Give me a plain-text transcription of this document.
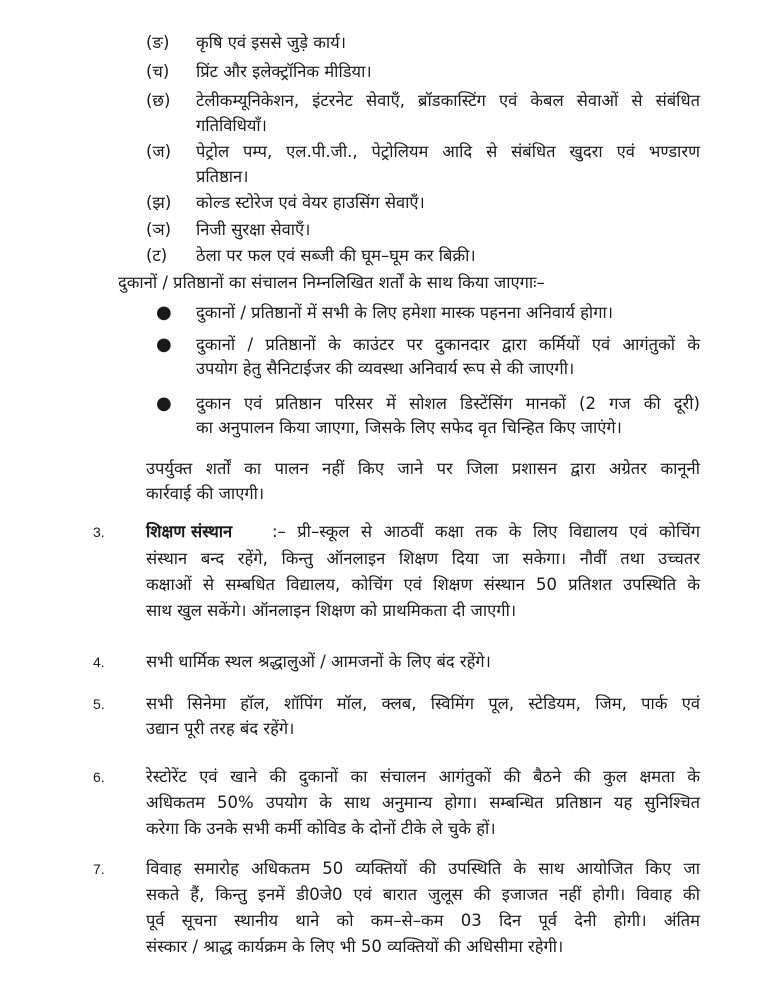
(ङ) कृषि एवं इससे जुड़े कार्य।
(च) प्रिंट और इलेक्ट्रॉनिक मीडिया।
(छ) टेलीकम्यूनिकेशन, इंटरनेट सेवाएँ, ब्रॉडकास्टिंग एवं केबल सेवाओं से संबंधित
गतिविधियाँ।
(ज) पेट्रोल पम्प, एल.पी.जी., पेट्रोलियम आदि से संबंधित खुदरा एवं भण्डारण
प्रतिष्ठान।
(झ) कोल्ड स्टोरेज एवं वेयर हाउसिंग सेवाएँ।
(ञ) निजी सुरक्षा सेवाएँ।
(ट) ठेला पर फल एवं सब्जी की घूम–घूम कर बिक्री।
दुकानों / प्रतिष्ठानों का संचालन निम्नलिखित शर्तों के साथ किया जाएगाः–
● दुकानों / प्रतिष्ठानों में सभी के लिए हमेशा मास्क पहनना अनिवार्य होगा।
● दुकानों / प्रतिष्ठानों के काउंटर पर दुकानदार द्वारा कर्मियों एवं आगंतुकों के
उपयोग हेतु सैनिटाईजर की व्यवस्था अनिवार्य रूप से की जाएगी।
● दुकान एवं प्रतिष्ठान परिसर में सोशल डिस्टेंसिंग मानकों (2 गज की दूरी)
का अनुपालन किया जाएगा, जिसके लिए सफेद वृत चिन्हित किए जाएंगे।
उपर्युक्त शर्तों का पालन नहीं किए जाने पर जिला प्रशासन द्वारा अग्रेतर कानूनी
कार्रवाई की जाएगी।
3.	शिक्षण संस्थान :– प्री–स्कूल से आठवीं कक्षा तक के लिए विद्यालय एवं कोचिंग
संस्थान बन्द रहेंगे, किन्तु ऑनलाइन शिक्षण दिया जा सकेगा। नौवीं तथा उच्चतर
कक्षाओं से सम्बधित विद्यालय, कोचिंग एवं शिक्षण संस्थान 50 प्रतिशत उपस्थिति के
साथ खुल सकेंगे। ऑनलाइन शिक्षण को प्राथमिकता दी जाएगी।
4.	सभी धार्मिक स्थल श्रद्धालुओं / आमजनों के लिए बंद रहेंगे।
5.	सभी सिनेमा हॉल, शॉपिंग मॉल, क्लब, स्विमिंग पूल, स्टेडियम, जिम, पार्क एवं
उद्यान पूरी तरह बंद रहेंगे।
6.	रेस्टोरेंट एवं खाने की दुकानों का संचालन आगंतुकों की बैठने की कुल क्षमता के
अधिकतम 50% उपयोग के साथ अनुमान्य होगा। सम्बन्धित प्रतिष्ठान यह सुनिश्चित
करेगा कि उनके सभी कर्मी कोविड के दोनों टीके ले चुके हों।
7.	विवाह समारोह अधिकतम 50 व्यक्तियों की उपस्थिति के साथ आयोजित किए जा
सकते हैं, किन्तु इनमें डी0जे0 एवं बारात जुलूस की इजाजत नहीं होगी। विवाह की
पूर्व सूचना स्थानीय थाने को कम–से–कम 03 दिन पूर्व देनी होगी। अंतिम
संस्कार / श्राद्ध कार्यक्रम के लिए भी 50 व्यक्तियों की अधिसीमा रहेगी।
